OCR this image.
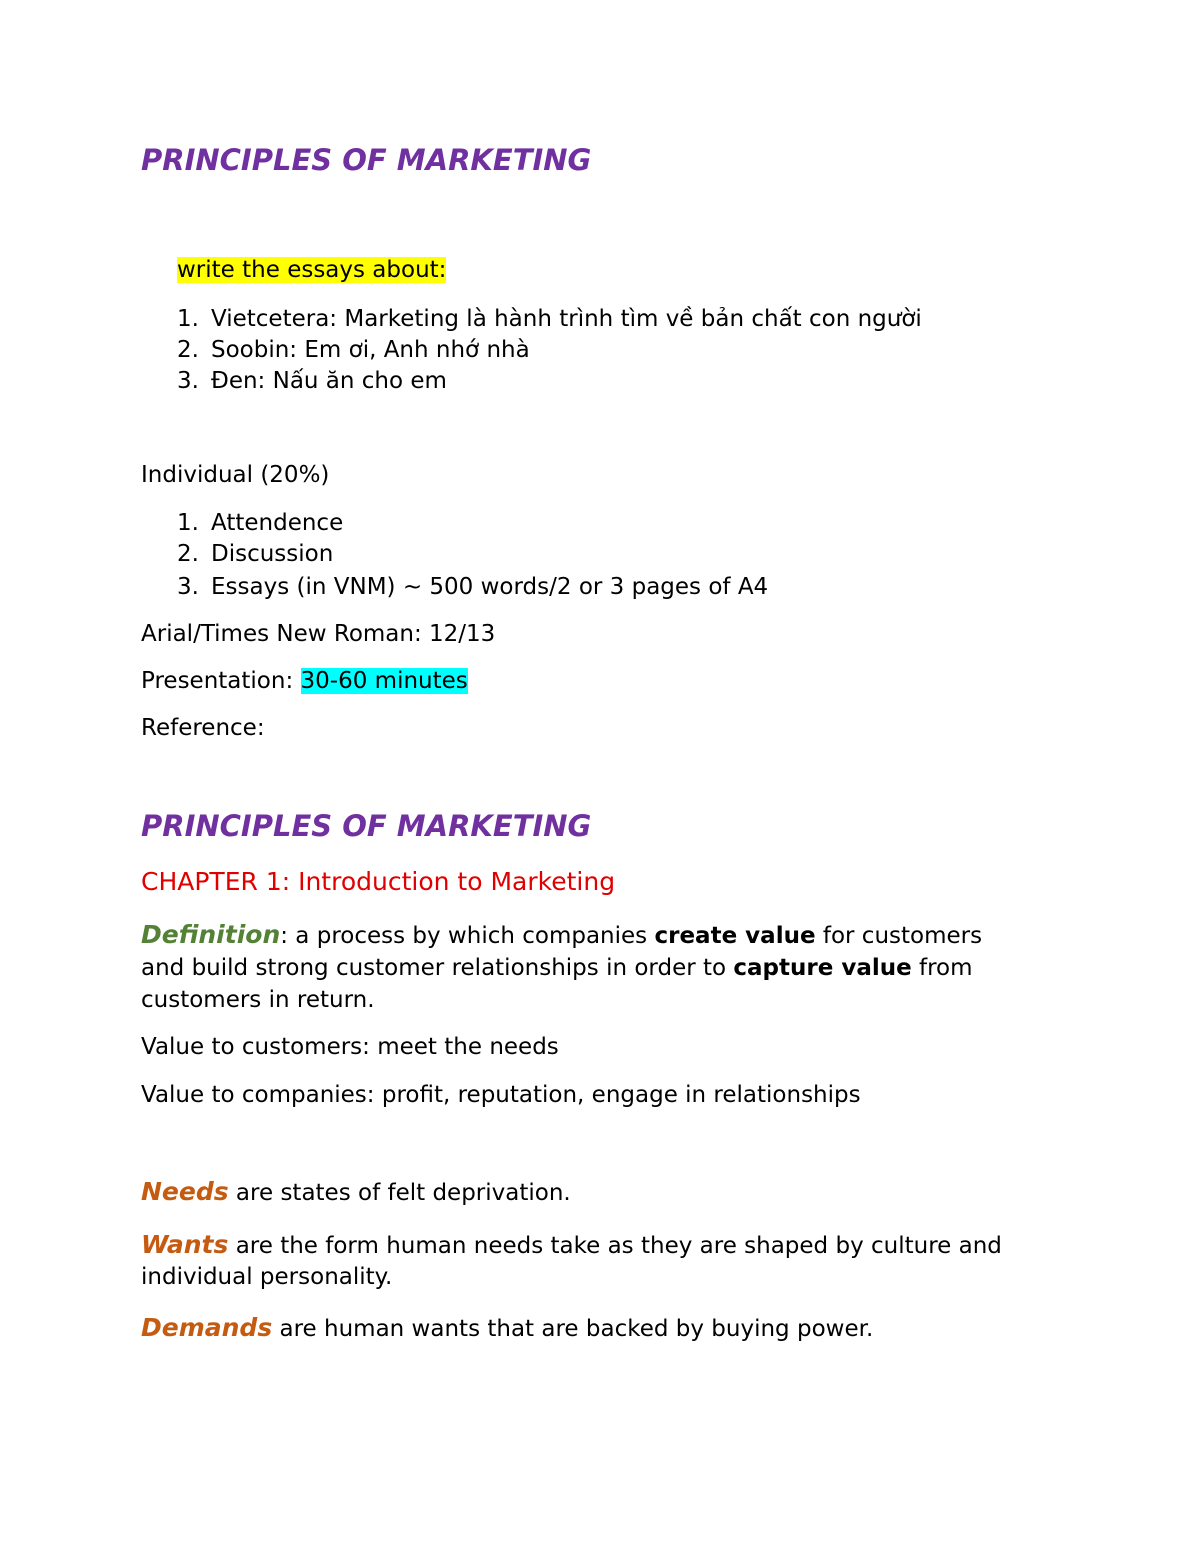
PRINCIPLES OF MARKETING
write the essays about:
1. Vietcetera: Marketing là hành trình tìm về bản chất con người
2. Soobin: Em ơi, Anh nhớ nhà
3. Đen: Nấu ăn cho em
Individual (20%)
1. Attendence
2. Discussion
3. Essays (in VNM) ~ 500 words/2 or 3 pages of A4
Arial/Times New Roman: 12/13
Presentation: 30-60 minutes
Reference:
PRINCIPLES OF MARKETING
CHAPTER 1: Introduction to Marketing
Definition: a process by which companies create value for customers
and build strong customer relationships in order to capture value from
customers in return.
Value to customers: meet the needs
Value to companies: profit, reputation, engage in relationships
Needs are states of felt deprivation.
Wants are the form human needs take as they are shaped by culture and
individual personality.
Demands are human wants that are backed by buying power.
